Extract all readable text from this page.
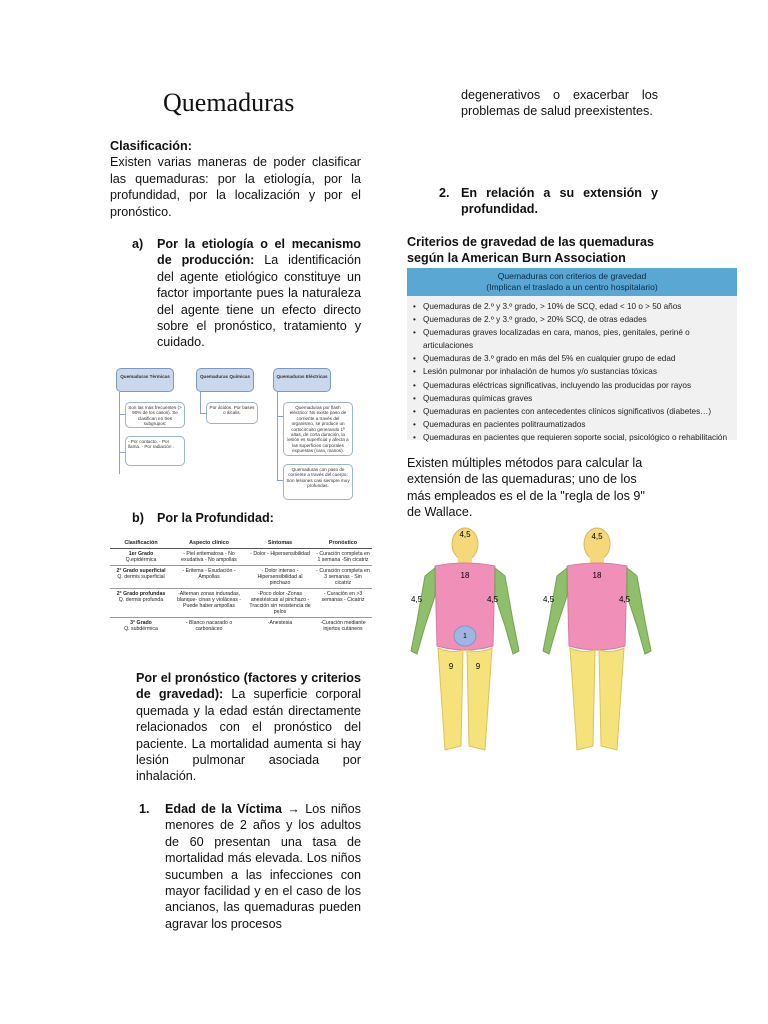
Quemaduras
Clasificación:
Existen varias maneras de poder clasificar las quemaduras: por la etiología, por la profundidad, por la localización y por el pronóstico.
a) Por la etiología o el mecanismo de producción: La identificación del agente etiológico constituye un factor importante pues la naturaleza del agente tiene un efecto directo sobre el pronóstico, tratamiento y cuidado.
Quemaduras Térmicas	Quemaduras Químicas	Quemaduras Eléctricas
Son las más frecuentes (> 90% de los casos). Se clasifican en tres subgrupos:
- Por contacto. - Por llama. - Por radiación .
Por ácidos. Por bases o álcalis.
Quemaduras por flash eléctrico: No existe paso de corriente a través del organismo, se produce un cortocircuito generando 1ª altas, de corta duración, la lesión es superficial y afecta a las superficies corporales expuestas (cara, manos).
Quemaduras con paso de corriente a través del cuerpo: Son lesiones casi siempre muy profundas.
b) Por la Profundidad:
Clasificación	Aspecto clínico	Síntomas	Pronóstico
1er Grado
Q.epidérmica	- Piel eritematosa - No exudativa - No ampollas	- Dolor - Hipersensibilidad	- Curación completa en 1 semana -Sin cicatriz
2° Grado superficial
Q. dermis superficial	- Eritema - Exudación - Ampollas	- Dolor intenso - Hipersensibilidad al pinchazo	- Curación completa en 3 semanas - Sin cicatriz
2° Grado profundas
Q. dermis profunda	-Alternan zonas induradas, blanque- cinas y violáceas - Puede haber ampollas	-Poco dolor -Zonas anestésicas al pinchazo - Tracción sin resistencia de pelos	- Curación en >3 semanas - Cicatriz
3° Grado
Q. subdérmica	- Blanco nacarado o carbonáceo	-Anestesia	-Curación mediante injertos cutáneos
Por el pronóstico (factores y criterios de gravedad): La superficie corporal quemada y la edad están directamente relacionados con el pronóstico del paciente. La mortalidad aumenta si hay lesión pulmonar asociada por inhalación.
1. Edad de la Víctima → Los niños menores de 2 años y los adultos de 60 presentan una tasa de mortalidad más elevada. Los niños sucumben a las infecciones con mayor facilidad y en el caso de los ancianos, las quemaduras pueden agravar los procesos
degenerativos o exacerbar los problemas de salud preexistentes.
2. En relación a su extensión y profundidad.
Criterios de gravedad de las quemaduras según la American Burn Association
Quemaduras con criterios de gravedad
(Implican el traslado a un centro hospitalario)
• Quemaduras de 2.º y 3.º grado, > 10% de SCQ, edad < 10 o > 50 años
• Quemaduras de 2.º y 3.º grado, > 20% SCQ, de otras edades
• Quemaduras graves localizadas en cara, manos, pies, genitales, periné o articulaciones
• Quemaduras de 3.º grado en más del 5% en cualquier grupo de edad
• Lesión pulmonar por inhalación de humos y/o sustancias tóxicas
• Quemaduras eléctricas significativas, incluyendo las producidas por rayos
• Quemaduras químicas graves
• Quemaduras en pacientes con antecedentes clínicos significativos (diabetes…)
• Quemaduras en pacientes politraumatizados
• Quemaduras en pacientes que requieren soporte social, psicológico o rehabilitación
Existen múltiples métodos para calcular la extensión de las quemaduras; uno de los más empleados es el de la "regla de los 9" de Wallace.
4,5
18
4,5	4,5
1
9	9
4,5
18
4,5	4,5
